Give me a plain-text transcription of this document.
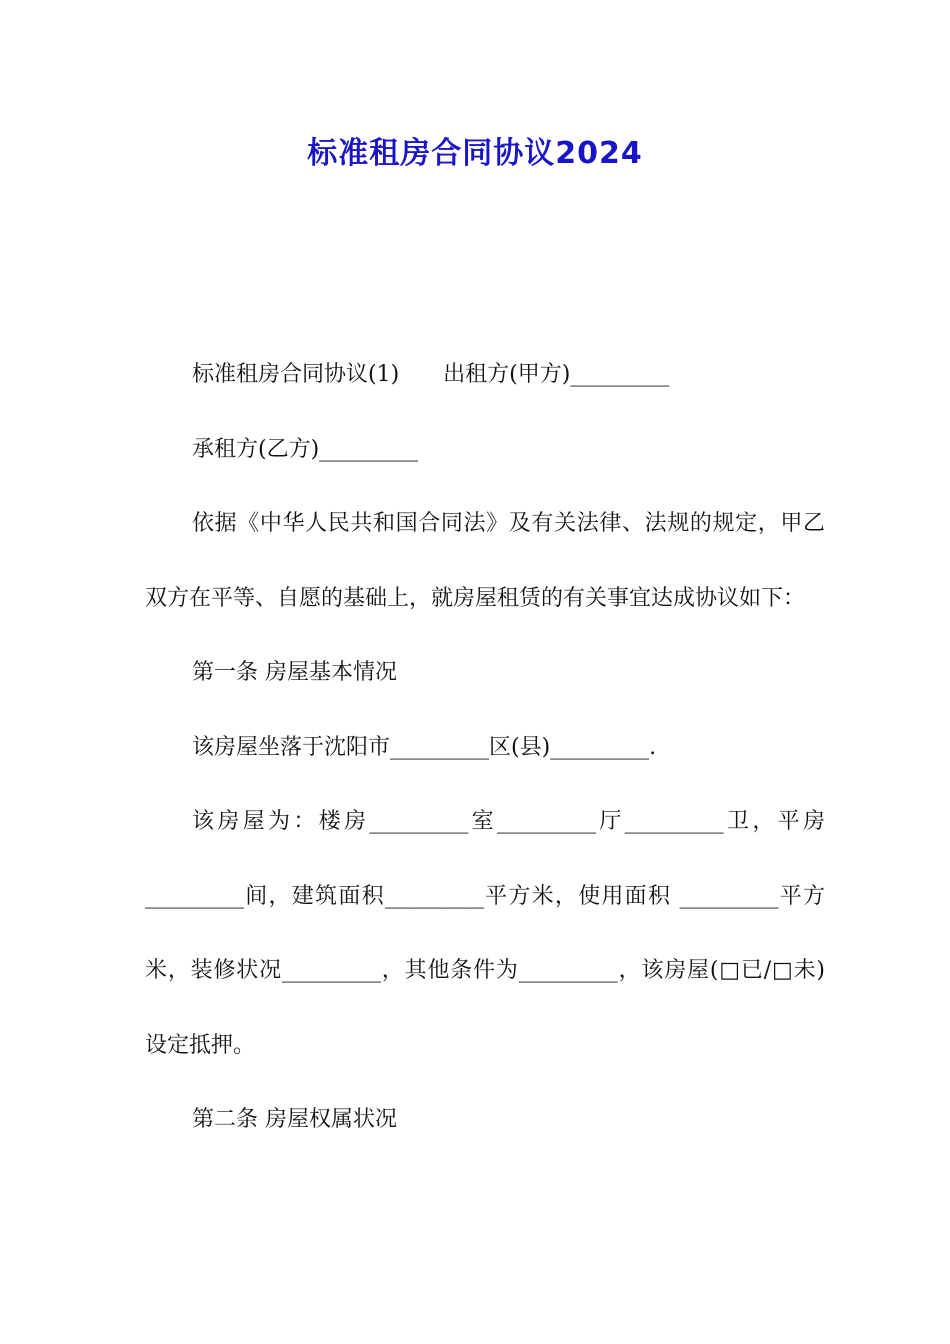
标准租房合同协议2024

标准租房合同协议(1)　　出租方(甲方)_________

承租方(乙方)_________

依据《中华人民共和国合同法》及有关法律、法规的规定，甲乙双方在平等、自愿的基础上，就房屋租赁的有关事宜达成协议如下：

第一条 房屋基本情况

该房屋坐落于沈阳市_________区(县)_________.

该房屋为：楼房_________室_________厅_________卫，平房_________间，建筑面积_________平方米，使用面积 _________平方米，装修状况_________，其他条件为_________，该房屋(□已/□未)设定抵押。

第二条 房屋权属状况
